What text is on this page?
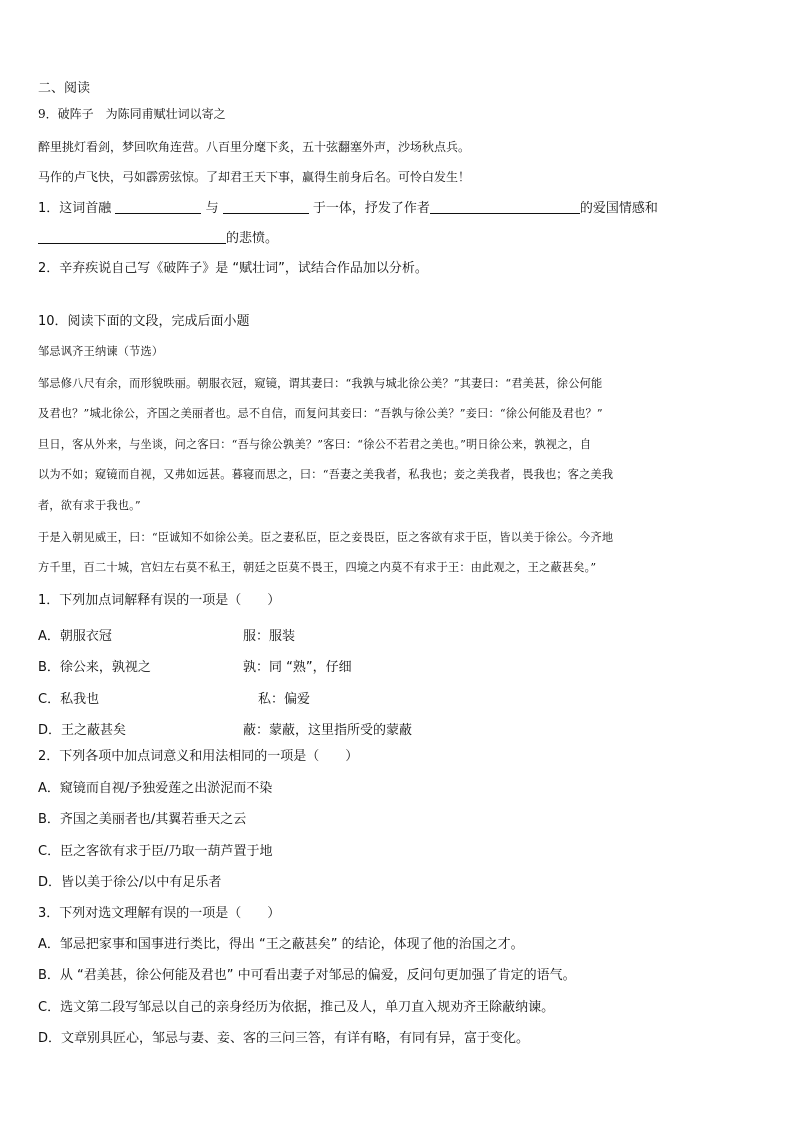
二、阅读
9．破阵子　为陈同甫赋壮词以寄之
醉里挑灯看剑，梦回吹角连营。八百里分麾下炙，五十弦翻塞外声，沙场秋点兵。
马作的卢飞快，弓如霹雳弦惊。了却君王天下事，赢得生前身后名。可怜白发生！
1．这词首融	与	于一体，抒发了作者	的爱国情感和
的悲愤。
2．辛弃疾说自己写《破阵子》是 “赋壮词”，试结合作品加以分析。
10．阅读下面的文段，完成后面小题
邹忌讽齐王纳谏（节选）
邹忌修八尺有余，而形貌昳丽。朝服衣冠，窥镜，谓其妻曰：“我孰与城北徐公美？”其妻曰：“君美甚，徐公何能
及君也？”城北徐公，齐国之美丽者也。忌不自信，而复问其妾曰：“吾孰与徐公美？”妾曰：“徐公何能及君也？”
旦日，客从外来，与坐谈，问之客曰：“吾与徐公孰美？”客曰：“徐公不若君之美也。”明日徐公来，孰视之，自
以为不如；窥镜而自视，又弗如远甚。暮寝而思之，曰：“吾妻之美我者，私我也；妾之美我者，畏我也；客之美我
者，欲有求于我也。”
于是入朝见威王，曰：“臣诚知不如徐公美。臣之妻私臣，臣之妾畏臣，臣之客欲有求于臣，皆以美于徐公。今齐地
方千里，百二十城，宫妇左右莫不私王，朝廷之臣莫不畏王，四境之内莫不有求于王：由此观之，王之蔽甚矣。”
1．下列加点词解释有误的一项是（　　）
A．朝服衣冠	服：服装
B．徐公来，孰视之	孰：同 “熟”，仔细
C．私我也	私：偏爱
D．王之蔽甚矣	蔽：蒙蔽，这里指所受的蒙蔽
2．下列各项中加点词意义和用法相同的一项是（　　）
A．窥镜而自视/予独爱莲之出淤泥而不染
B．齐国之美丽者也/其翼若垂天之云
C．臣之客欲有求于臣/乃取一葫芦置于地
D．皆以美于徐公/以中有足乐者
3．下列对选文理解有误的一项是（　　）
A．邹忌把家事和国事进行类比，得出 “王之蔽甚矣” 的结论，体现了他的治国之才。
B．从 “君美甚，徐公何能及君也” 中可看出妻子对邹忌的偏爱，反问句更加强了肯定的语气。
C．选文第二段写邹忌以自己的亲身经历为依据，推己及人，单刀直入规劝齐王除蔽纳谏。
D．文章别具匠心，邹忌与妻、妾、客的三问三答，有详有略，有同有异，富于变化。
